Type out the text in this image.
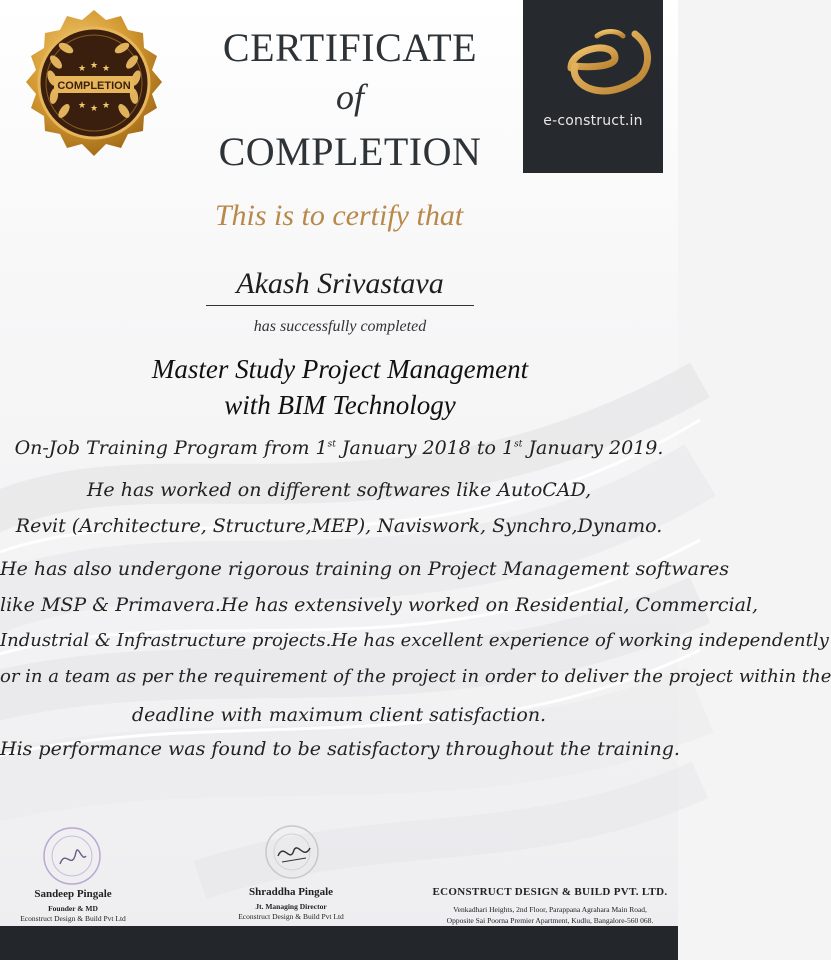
★ ★ ★
★ ★ ★
COMPLETION
e-construct.in
CERTIFICATE
of
COMPLETION
This is to certify that
Akash Srivastava
has successfully completed
Master Study Project Management
with BIM Technology
On-Job Training Program from 1st January 2018 to 1st January 2019.
He has worked on different softwares like AutoCAD,
Revit (Architecture, Structure,MEP), Naviswork, Synchro,Dynamo.
He has also undergone rigorous training on Project Management softwares
like MSP & Primavera.He has extensively worked on Residential, Commercial,
Industrial & Infrastructure projects.He has excellent experience of working independently
or in a team as per the requirement of the project in order to deliver the project within the
deadline with maximum client satisfaction.
His performance was found to be satisfactory throughout the training.
Sandeep Pingale
Founder & MD
Econstruct Design & Build Pvt Ltd
Shraddha Pingale
Jt. Managing Director
Econstruct Design & Build Pvt Ltd
ECONSTRUCT DESIGN & BUILD PVT. LTD.
Venkadhari Heights, 2nd Floor, Parappana Agrahara Main Road,
Opposite Sai Poorna Premier Apartment, Kudlu, Bangalore-560 068.
